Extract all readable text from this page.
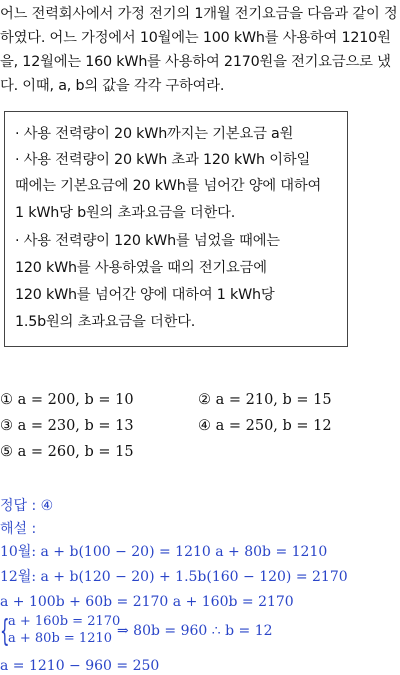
어느 전력회사에서 가정 전기의 1개월 전기요금을 다음과 같이 정
하였다. 어느 가정에서 10월에는 100 kWh를 사용하여 1210원
을, 12월에는 160 kWh를 사용하여 2170원을 전기요금으로 냈
다. 이때, a, b의 값을 각각 구하여라.
· 사용 전력량이 20 kWh까지는 기본요금 a원
· 사용 전력량이 20 kWh 초과 120 kWh 이하일
때에는 기본요금에 20 kWh를 넘어간 양에 대하여
1 kWh당 b원의 초과요금을 더한다.
· 사용 전력량이 120 kWh를 넘었을 때에는
120 kWh를 사용하였을 때의 전기요금에
120 kWh를 넘어간 양에 대하여 1 kWh당
1.5b원의 초과요금을 더한다.
① a = 200, b = 10	② a = 210, b = 15
③ a = 230, b = 13	④ a = 250, b = 12
⑤ a = 260, b = 15
정답 : ④
해설 :
10월: a + b(100 − 20) = 1210 a + 80b = 1210
12월: a + b(120 − 20) + 1.5b(160 − 120) = 2170
a + 100b + 60b = 2170 a + 160b = 2170
{
a + 160b = 2170
a + 80b = 1210 ⇒ 80b = 960 ∴ b = 12
a = 1210 − 960 = 250
